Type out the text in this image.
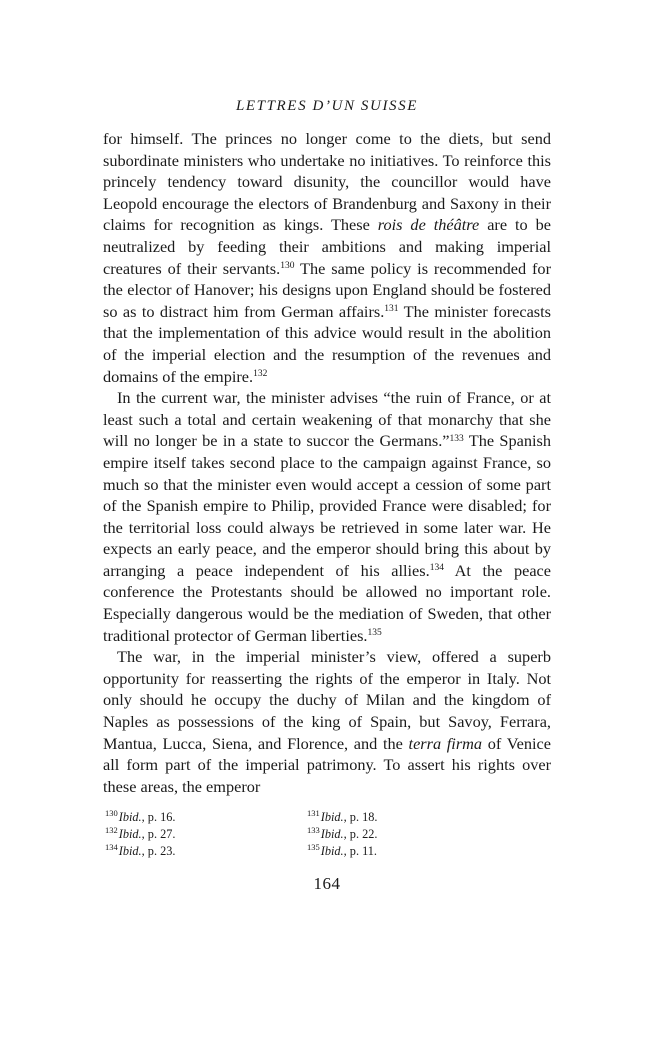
LETTRES D’UN SUISSE

for himself. The princes no longer come to the diets, but send subordinate ministers who undertake no initiatives. To reinforce this princely tendency toward disunity, the councillor would have Leopold encourage the electors of Brandenburg and Saxony in their claims for recognition as kings. These rois de théâtre are to be neutralized by feeding their ambitions and making imperial creatures of their servants.$^{130}$ The same policy is recommended for the elector of Hanover; his designs upon England should be fostered so as to distract him from German affairs.$^{131}$ The minister forecasts that the implementation of this advice would result in the abolition of the imperial election and the resumption of the revenues and domains of the empire.$^{132}$

In the current war, the minister advises “the ruin of France, or at least such a total and certain weakening of that monarchy that she will no longer be in a state to succor the Germans.”$^{133}$ The Spanish empire itself takes second place to the campaign against France, so much so that the minister even would accept a cession of some part of the Spanish empire to Philip, provided France were disabled; for the territorial loss could always be retrieved in some later war. He expects an early peace, and the emperor should bring this about by arranging a peace independent of his allies.$^{134}$ At the peace conference the Protestants should be allowed no important role. Especially dangerous would be the mediation of Sweden, that other traditional protector of German liberties.$^{135}$

The war, in the imperial minister’s view, offered a superb opportunity for reasserting the rights of the emperor in Italy. Not only should he occupy the duchy of Milan and the kingdom of Naples as possessions of the king of Spain, but Savoy, Ferrara, Mantua, Lucca, Siena, and Florence, and the terra firma of Venice all form part of the imperial patrimony. To assert his rights over these areas, the emperor

$^{130}$Ibid., p. 16.	$^{131}$Ibid., p. 18.
$^{132}$Ibid., p. 27.	$^{133}$Ibid., p. 22.
$^{134}$Ibid., p. 23.	$^{135}$Ibid., p. 11.
164
